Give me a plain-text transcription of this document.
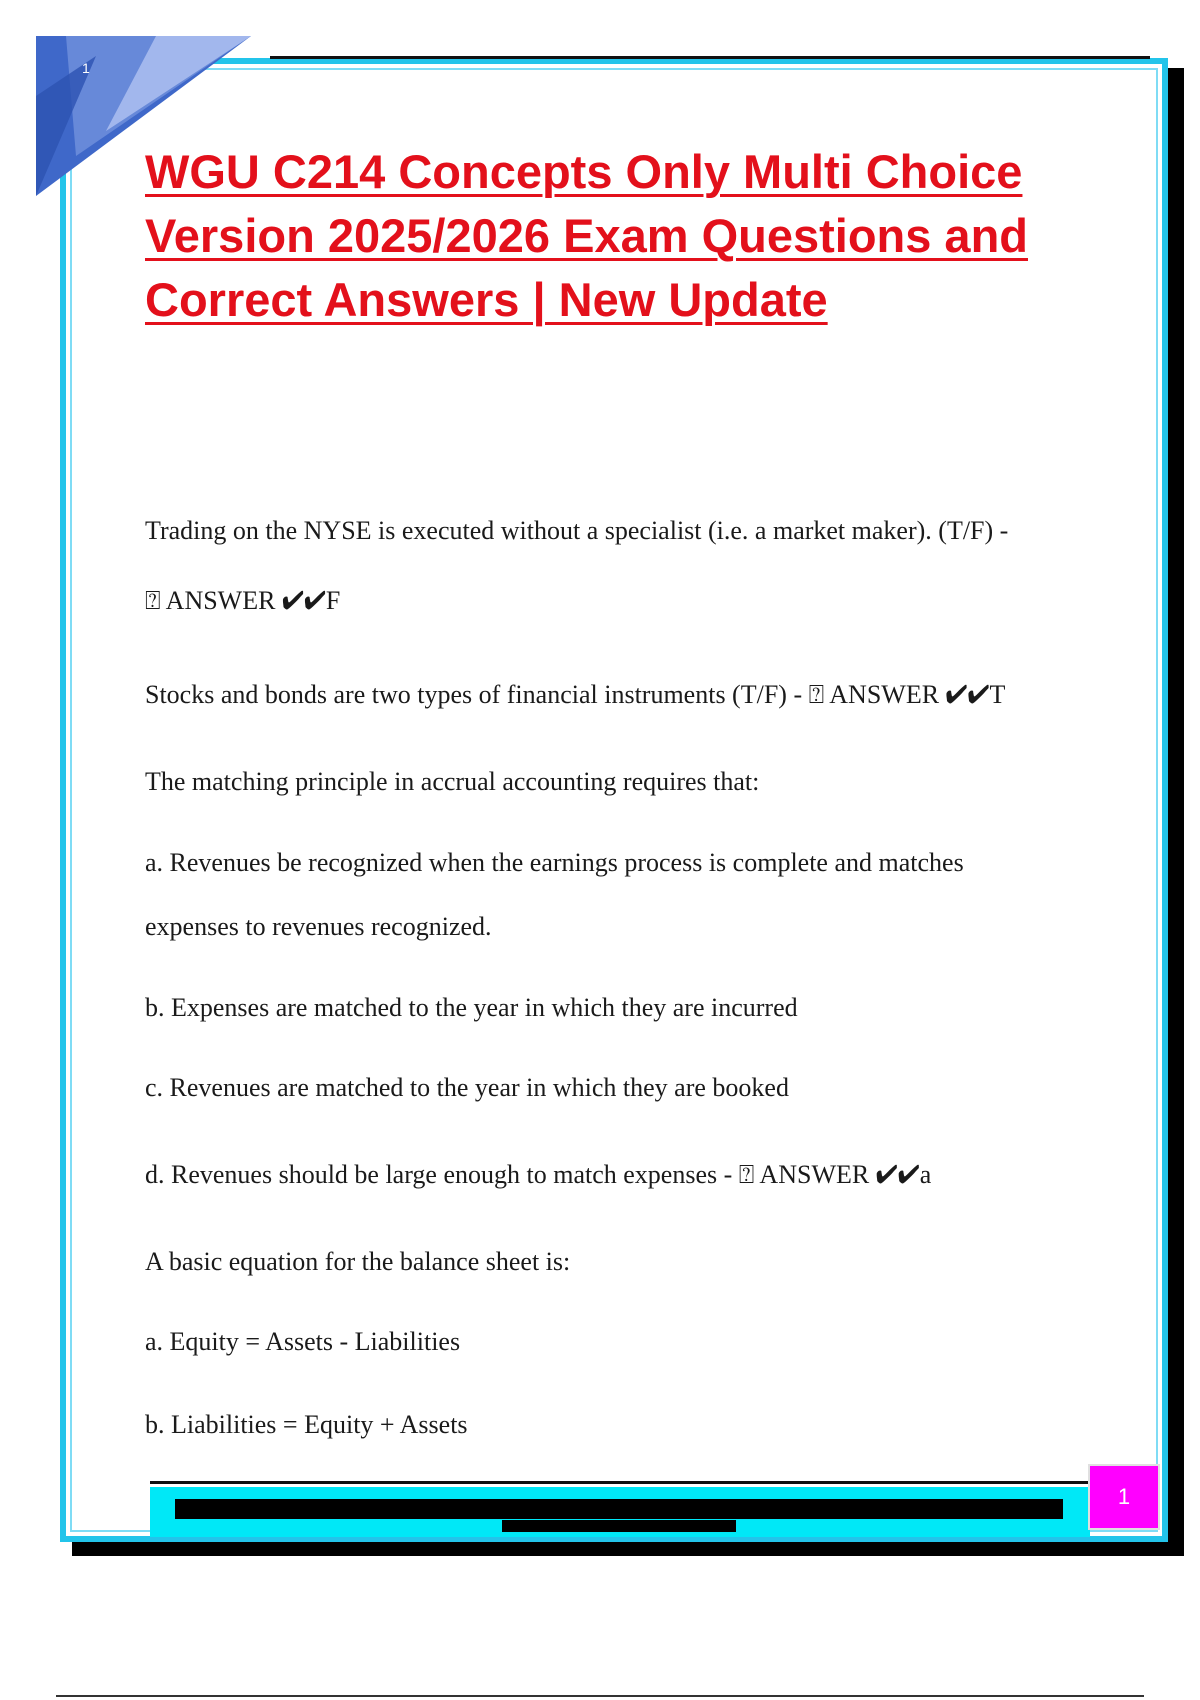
1
WGU C214 Concepts Only Multi Choice Version 2025/2026 Exam Questions and Correct Answers | New Update
Trading on the NYSE is executed without a specialist (i.e. a market maker). (T/F) -
⍰ ANSWER ✔✔F
Stocks and bonds are two types of financial instruments (T/F) - ⍰ ANSWER ✔✔T
The matching principle in accrual accounting requires that:
a. Revenues be recognized when the earnings process is complete and matches
expenses to revenues recognized.
b. Expenses are matched to the year in which they are incurred
c. Revenues are matched to the year in which they are booked
d. Revenues should be large enough to match expenses - ⍰ ANSWER ✔✔a
A basic equation for the balance sheet is:
a. Equity = Assets - Liabilities
b. Liabilities = Equity + Assets
1
